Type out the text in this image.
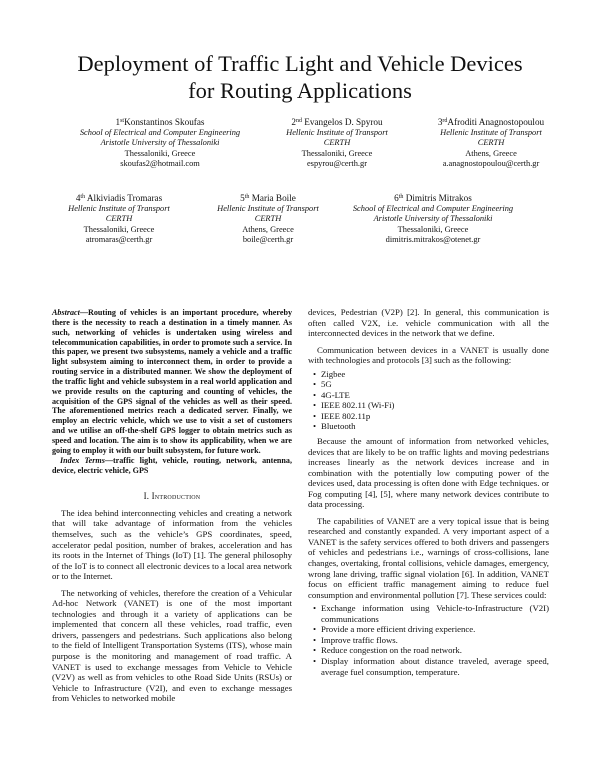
Deployment of Traffic Light and Vehicle Devices
for Routing Applications
1stKonstantinos Skoufas
School of Electrical and Computer Engineering
Aristotle University of Thessaloniki
Thessaloniki, Greece
skoufas2@hotmail.com
2nd Evangelos D. Spyrou
Hellenic Institute of Transport
CERTH
Thessaloniki, Greece
espyrou@certh.gr
3rdAfroditi Anagnostopoulou
Hellenic Institute of Transport
CERTH
Athens, Greece
a.anagnostopoulou@certh.gr
4th Alkiviadis Tromaras
Hellenic Institute of Transport
CERTH
Thessaloniki, Greece
atromaras@certh.gr
5th Maria Boile
Hellenic Institute of Transport
CERTH
Athens, Greece
boile@certh.gr
6th Dimitris Mitrakos
School of Electrical and Computer Engineering
Aristotle University of Thessaloniki
Thessaloniki, Greece
dimitris.mitrakos@otenet.gr

Abstract—Routing of vehicles is an important procedure, whereby there is the necessity to reach a destination in a timely manner. As such, networking of vehicles is undertaken using wireless and telecommunication capabilities, in order to promote such a service. In this paper, we present two subsystems, namely a vehicle and a traffic light subsystem aiming to interconnect them, in order to provide a routing service in a distributed manner. We show the deployment of the traffic light and vehicle subsystem in a real world application and we provide results on the capturing and counting of vehicles, the acquisition of the GPS signal of the vehicles as well as their speed. The aforementioned metrics reach a dedicated server. Finally, we employ an electric vehicle, which we use to visit a set of customers and we utilise an off-the-shelf GPS logger to obtain metrics such as speed and location. The aim is to show its applicability, when we are going to employ it with our built subsystem, for future work.

Index Terms—traffic light, vehicle, routing, network, antenna, device, electric vehicle, GPS

I. Introduction

The idea behind interconnecting vehicles and creating a network that will take advantage of information from the vehicles themselves, such as the vehicle’s GPS coordinates, speed, accelerator pedal position, number of brakes, acceleration and has its roots in the Internet of Things (IoT) [1]. The general philosophy of the IoT is to connect all electronic devices to a local area network or to the Internet.

The networking of vehicles, therefore the creation of a Vehicular Ad-hoc Network (VANET) is one of the most important technologies and through it a variety of applications can be implemented that concern all these vehicles, road traffic, even drivers, passengers and pedestrians. Such applications also belong to the field of Intelligent Transportation Systems (ITS), whose main purpose is the monitoring and management of road traffic. A VANET is used to exchange messages from Vehicle to Vehicle (V2V) as well as from vehicles to othe Road Side Units (RSUs) or Vehicle to Infrastructure (V2I), and even to exchange messages from Vehicles to networked mobile

devices, Pedestrian (V2P) [2]. In general, this communication is often called V2X, i.e. vehicle communication with all the interconnected devices in the network that we define.

Communication between devices in a VANET is usually done with technologies and protocols [3] such as the following:

• Zigbee
• 5G
• 4G-LTE
• IEEE 802.11 (Wi-Fi)
• IEEE 802.11p
• Bluetooth

Because the amount of information from networked vehicles, devices that are likely to be on traffic lights and moving pedestrians increases linearly as the network devices increase and in combination with the potentially low computing power of the devices used, data processing is often done with Edge techniques. or Fog computing [4], [5], where many network devices contribute to data processing.

The capabilities of VANET are a very topical issue that is being researched and constantly expanded. A very important aspect of a VANET is the safety services offered to both drivers and passengers of vehicles and pedestrians i.e., warnings of cross-collisions, lane changes, overtaking, frontal collisions, vehicle damages, emergency, wrong lane driving, traffic signal violation [6]. In addition, VANET focus on efficient traffic management aiming to reduce fuel consumption and environmental pollution [7]. These services could:

• Exchange information using Vehicle-to-Infrastructure (V2I) communications
• Provide a more efficient driving experience.
• Improve traffic flows.
• Reduce congestion on the road network.
• Display information about distance traveled, average speed, average fuel consumption, temperature.
